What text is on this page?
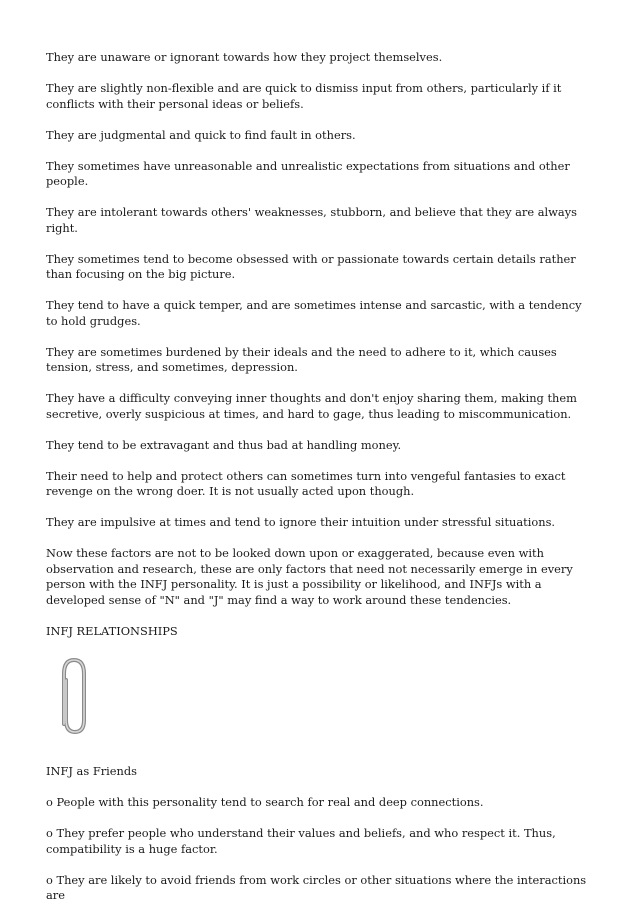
They are unaware or ignorant towards how they project themselves.

They are slightly non-flexible and are quick to dismiss input from others, particularly if it conflicts with their personal ideas or beliefs.

They are judgmental and quick to find fault in others.

They sometimes have unreasonable and unrealistic expectations from situations and other people.

They are intolerant towards others' weaknesses, stubborn, and believe that they are always right.

They sometimes tend to become obsessed with or passionate towards certain details rather than focusing on the big picture.

They tend to have a quick temper, and are sometimes intense and sarcastic, with a tendency to hold grudges.

They are sometimes burdened by their ideals and the need to adhere to it, which causes tension, stress, and sometimes, depression.

They have a difficulty conveying inner thoughts and don't enjoy sharing them, making them secretive, overly suspicious at times, and hard to gage, thus leading to miscommunication.

They tend to be extravagant and thus bad at handling money.

Their need to help and protect others can sometimes turn into vengeful fantasies to exact revenge on the wrong doer. It is not usually acted upon though.

They are impulsive at times and tend to ignore their intuition under stressful situations.

Now these factors are not to be looked down upon or exaggerated, because even with observation and research, these are only factors that need not necessarily emerge in every person with the INFJ personality. It is just a possibility or likelihood, and INFJs with a developed sense of "N" and "J" may find a way to work around these tendencies.

INFJ RELATIONSHIPS

INFJ as Friends

o People with this personality tend to search for real and deep connections.

o They prefer people who understand their values and beliefs, and who respect it. Thus, compatibility is a huge factor.

o They are likely to avoid friends from work circles or other situations where the interactions are
